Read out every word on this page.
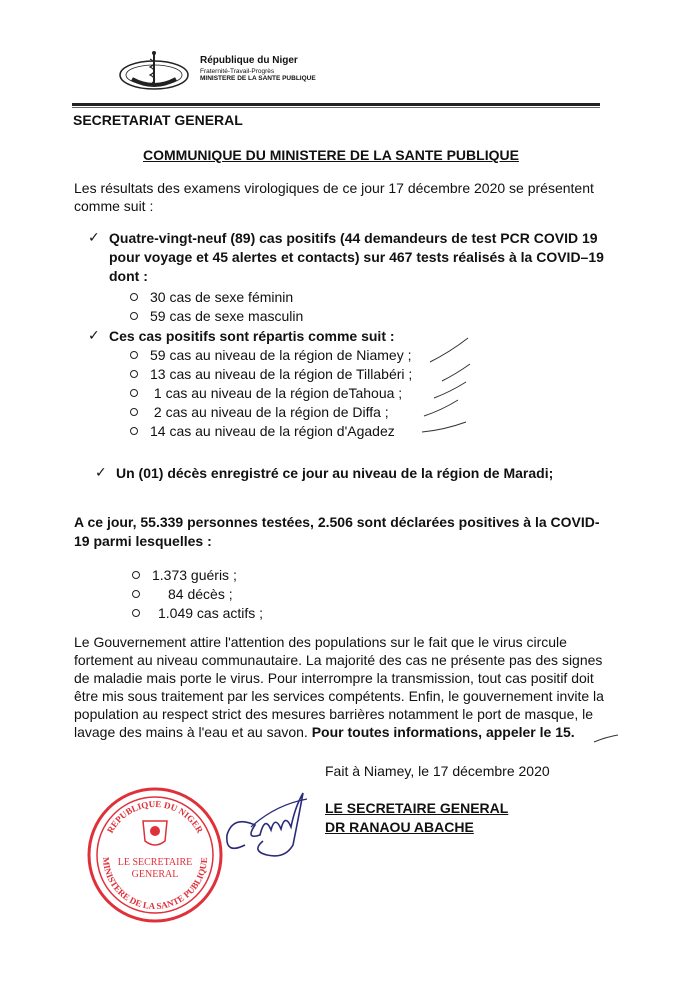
République du Niger
Fraternité-Travail-Progrès
MINISTERE DE LA SANTE PUBLIQUE
SECRETARIAT GENERAL
COMMUNIQUE DU MINISTERE DE LA SANTE PUBLIQUE
Les résultats des examens virologiques de ce jour 17 décembre 2020 se présentent
comme suit :
✓ Quatre-vingt-neuf (89) cas positifs (44 demandeurs de test PCR COVID 19
pour voyage et 45 alertes et contacts) sur 467 tests réalisés à la COVID–19
dont :
30 cas de sexe féminin
59 cas de sexe masculin
✓ Ces cas positifs sont répartis comme suit :
59 cas au niveau de la région de Niamey ;
13 cas au niveau de la région de Tillabéri ;
1 cas au niveau de la région deTahoua ;
2 cas au niveau de la région de Diffa ;
14 cas au niveau de la région d'Agadez
✓ Un (01) décès enregistré ce jour au niveau de la région de Maradi;
A ce jour, 55.339 personnes testées, 2.506 sont déclarées positives à la COVID-
19 parmi lesquelles :
1.373 guéris ;
84 décès ;
1.049 cas actifs ;
Le Gouvernement attire l'attention des populations sur le fait que le virus circule
fortement au niveau communautaire. La majorité des cas ne présente pas des signes
de maladie mais porte le virus. Pour interrompre la transmission, tout cas positif doit
être mis sous traitement par les services compétents. Enfin, le gouvernement invite la
population au respect strict des mesures barrières notamment le port de masque, le
lavage des mains à l'eau et au savon. Pour toutes informations, appeler le 15.
Fait à Niamey, le 17 décembre 2020
LE SECRETAIRE GENERAL
DR RANAOU ABACHE
REPUBLIQUE DU NIGER
MINISTERE DE LA SANTE PUBLIQUE
LE SECRETAIRE
GENERAL
